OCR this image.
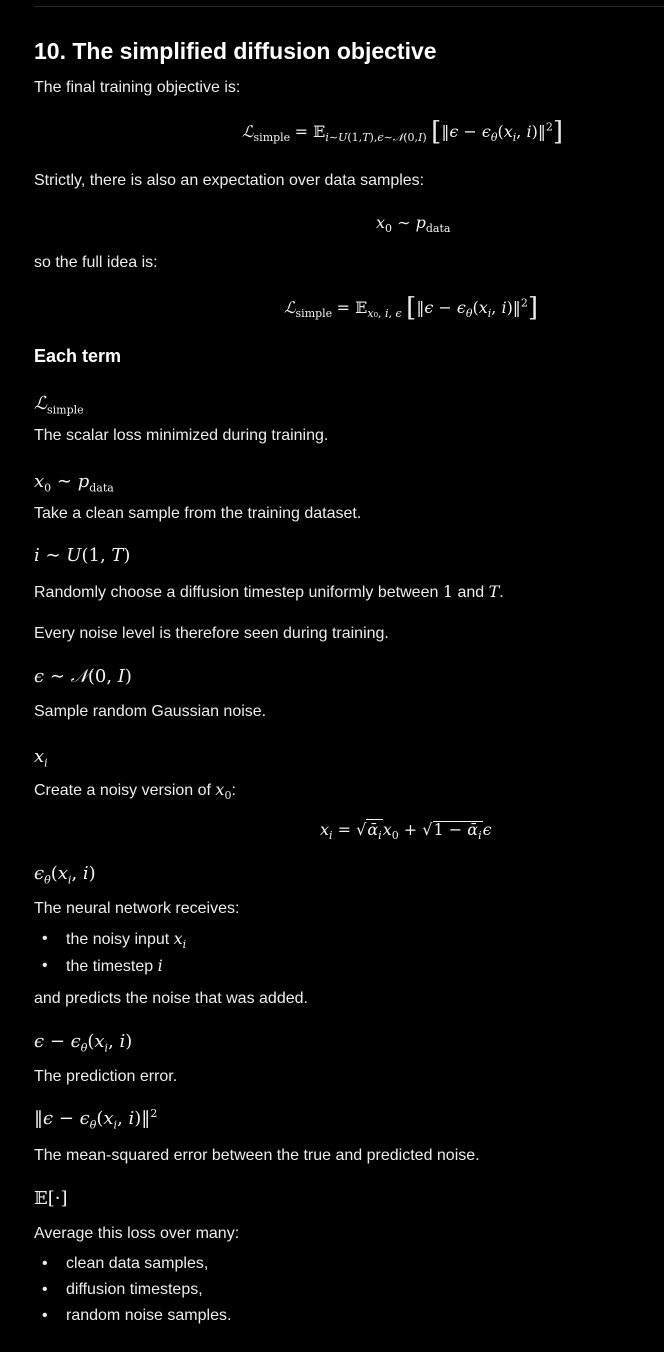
10. The simplified diffusion objective
The final training objective is:
ℒ$_{simple}$ = 𝔼$_{i\sim U(1,T),\epsilon\sim 𝒩(0,I)}$ [‖ϵ − $\epsilon_\theta(x_i$, i)‖$^2$]
Strictly, there is also an expectation over data samples:
$x_0$ ∼ $p_{data}$
so the full idea is:
ℒ$_{simple}$ = 𝔼$_{x_0, i, \epsilon}$ [‖ϵ − $\epsilon_\theta(x_i$, i)‖$^2$]
Each term
ℒ$_{simple}$
The scalar loss minimized during training.
$x_0$ ∼ $p_{data}$
Take a clean sample from the training dataset.
i ∼ U(1, T)
Randomly choose a diffusion timestep uniformly between 1 and T.
Every noise level is therefore seen during training.
ϵ ∼ 𝒩(0, I)
Sample random Gaussian noise.
$x_i$
Create a noisy version of $x_0$:
$x_i$ = $√ᾱ_ix_0 + √1$ − ᾱ$_i$ϵ
$\epsilon_\theta(x_i$, i)
The neural network receives:
• the noisy input $x_i$
• the timestep i
and predicts the noise that was added.
$\epsilon - \epsilon_\theta(x_i$, i)
The prediction error.
‖ϵ − $\epsilon_\theta(x_i$, i)‖$^2$
The mean-squared error between the true and predicted noise.
𝔼[·]
Average this loss over many:
• clean data samples,
• diffusion timesteps,
• random noise samples.
